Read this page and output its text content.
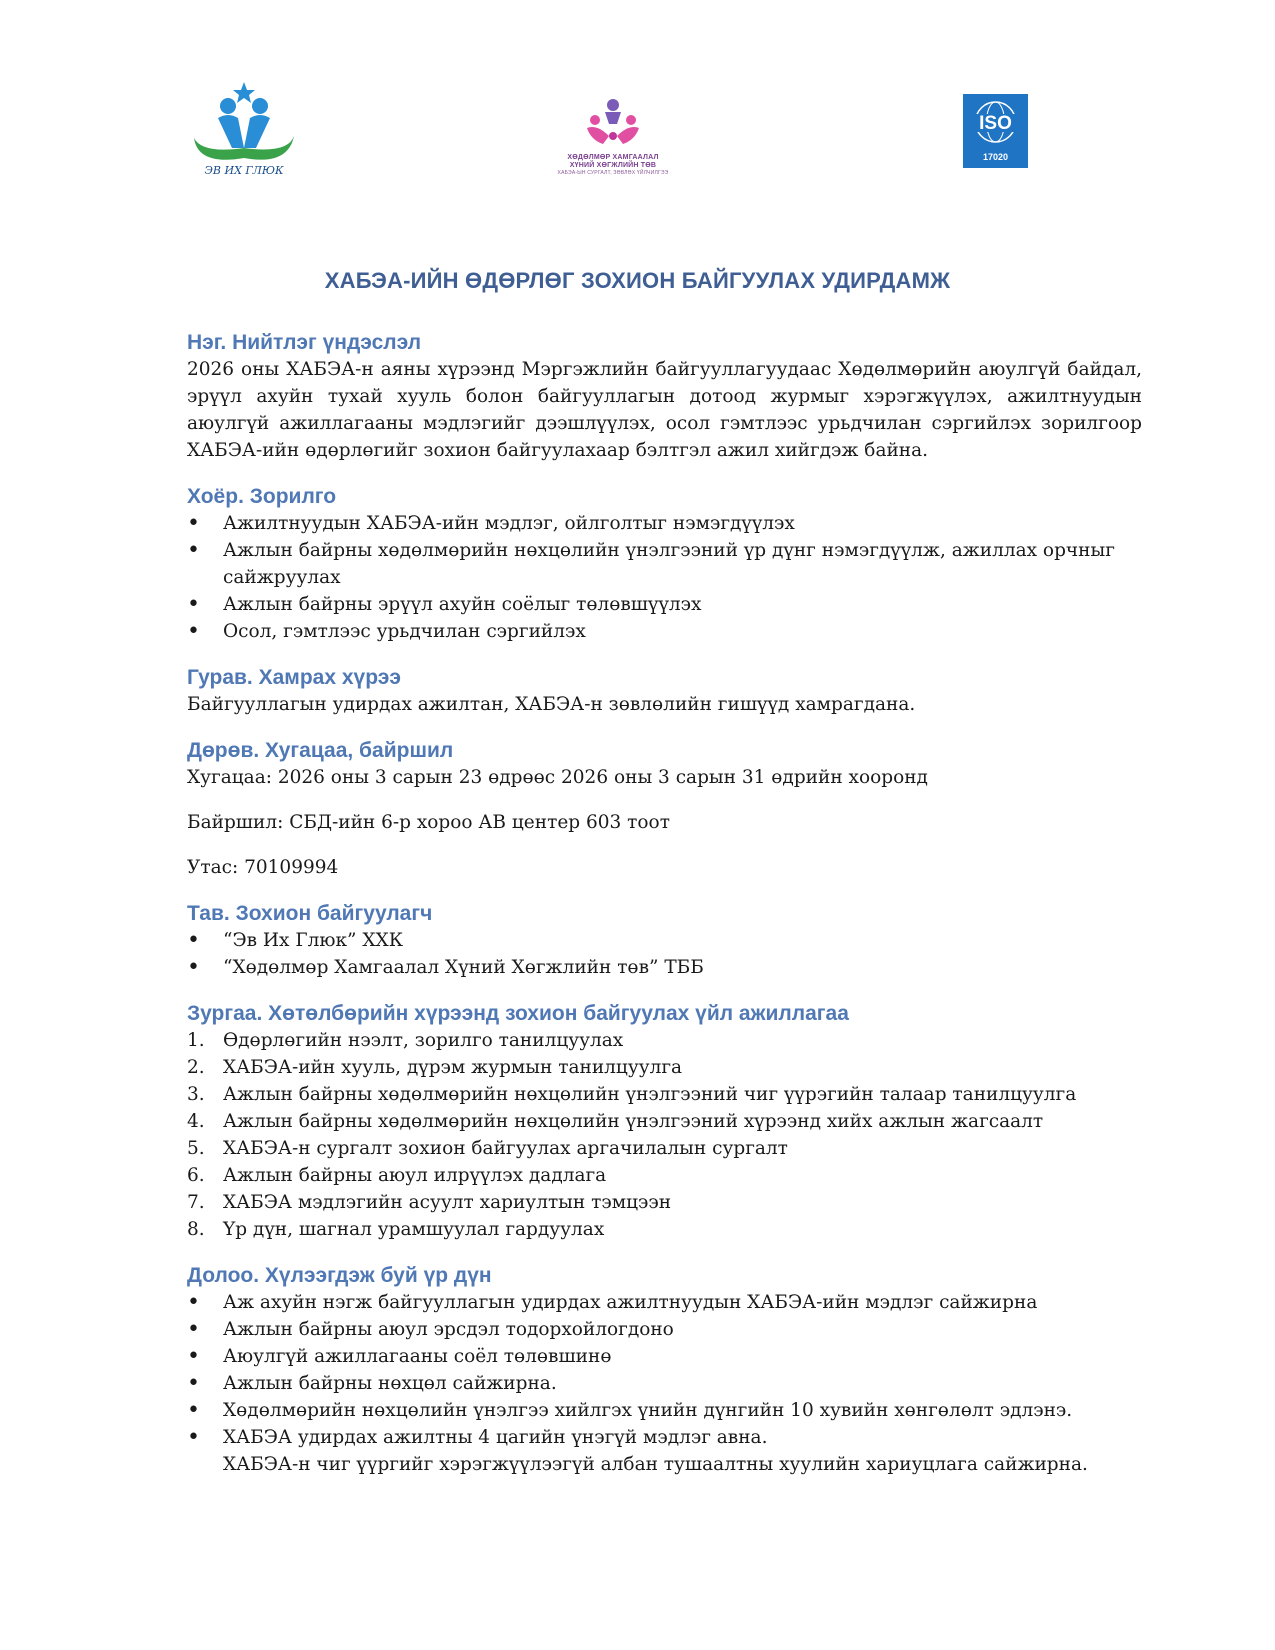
ЭВ ИХ ГЛЮК
ХӨДӨЛМӨР ХАМГААЛАЛ
ХҮНИЙ ХӨГЖЛИЙН ТӨВ
ХАБЭА-ЫН СУРГАЛТ, ЗӨВЛӨХ ҮЙЛЧИЛГЭЭ
ISO
17020
ХАБЭА-ИЙН ӨДӨРЛӨГ ЗОХИОН БАЙГУУЛАХ УДИРДАМЖ
Нэг. Нийтлэг үндэслэл

2026 оны ХАБЭА-н аяны хүрээнд Мэргэжлийн байгууллагуудаас Хөдөлмөрийн аюулгүй байдал, эрүүл ахуйн тухай хууль болон байгууллагын дотоод журмыг хэрэгжүүлэх, ажилтнуудын аюулгүй ажиллагааны мэдлэгийг дээшлүүлэх, осол гэмтлээс урьдчилан сэргийлэх зорилгоор ХАБЭА-ийн өдөрлөгийг зохион байгуулахаар бэлтгэл ажил хийгдэж байна.

Хоёр. Зорилго
•
Ажилтнуудын ХАБЭА-ийн мэдлэг, ойлголтыг нэмэгдүүлэх
•
Ажлын байрны хөдөлмөрийн нөхцөлийн үнэлгээний үр дүнг нэмэгдүүлж, ажиллах орчныг сайжруулах
•
Ажлын байрны эрүүл ахуйн соёлыг төлөвшүүлэх
•
Осол, гэмтлээс урьдчилан сэргийлэх
Гурав. Хамрах хүрээ

Байгууллагын удирдах ажилтан, ХАБЭА-н зөвлөлийн гишүүд хамрагдана.

Дөрөв. Хугацаа, байршил

Хугацаа: 2026 оны 3 сарын 23 өдрөөс 2026 оны 3 сарын 31 өдрийн хооронд

Байршил: СБД-ийн 6-р хороо АВ центер 603 тоот

Утас: 70109994

Тав. Зохион байгуулагч
•
“Эв Их Глюк” ХХК
•
“Хөдөлмөр Хамгаалал Хүний Хөгжлийн төв” ТББ
Зургаа. Хөтөлбөрийн хүрээнд зохион байгуулах үйл ажиллагаа
1. Өдөрлөгийн нээлт, зорилго танилцуулах
2. ХАБЭА-ийн хууль, дүрэм журмын танилцуулга
3. Ажлын байрны хөдөлмөрийн нөхцөлийн үнэлгээний чиг үүрэгийн талаар танилцуулга
4. Ажлын байрны хөдөлмөрийн нөхцөлийн үнэлгээний хүрээнд хийх ажлын жагсаалт
5. ХАБЭА-н сургалт зохион байгуулах аргачилалын сургалт
6. Ажлын байрны аюул илрүүлэх дадлага
7. ХАБЭА мэдлэгийн асуулт хариултын тэмцээн
8. Үр дүн, шагнал урамшуулал гардуулах
Долоо. Хүлээгдэж буй үр дүн
•
Аж ахуйн нэгж байгууллагын удирдах ажилтнуудын ХАБЭА-ийн мэдлэг сайжирна
•
Ажлын байрны аюул эрсдэл тодорхойлогдоно
•
Аюулгүй ажиллагааны соёл төлөвшинө
•
Ажлын байрны нөхцөл сайжирна.
•
Хөдөлмөрийн нөхцөлийн үнэлгээ хийлгэх үнийн дүнгийн 10 хувийн хөнгөлөлт эдлэнэ.
•
ХАБЭА удирдах ажилтны 4 цагийн үнэгүй мэдлэг авна.
ХАБЭА-н чиг үүргийг хэрэгжүүлээгүй албан тушаалтны хуулийн хариуцлага сайжирна.
